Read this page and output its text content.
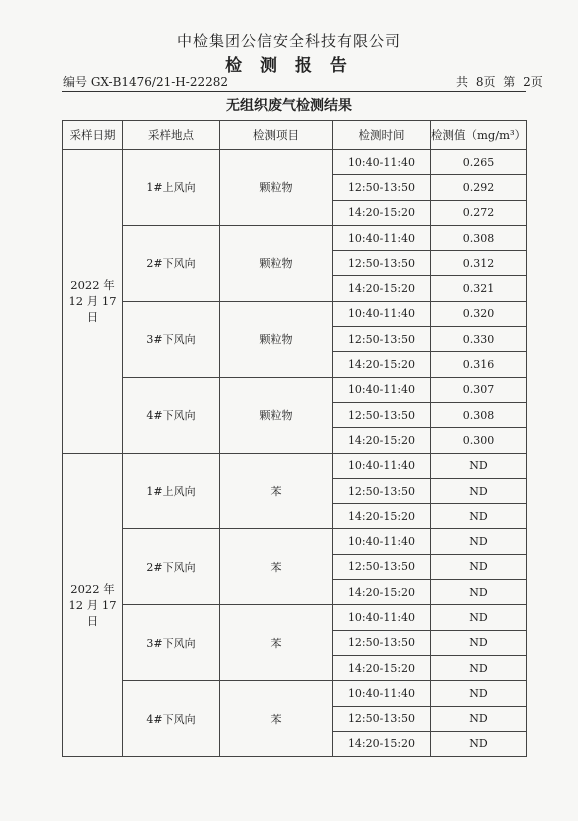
中检集团公信安全科技有限公司
检 测 报 告
编号 GX-B1476/21-H-22282	共 8页 第 2页
无组织废气检测结果
采样日期	采样地点	检测项目	检测时间	检测值（mg/m³）
2022 年 12 月 17 日	1#上风向	颗粒物	10:40-11:40	0.265
			12:50-13:50	0.292
			14:20-15:20	0.272
	2#下风向	颗粒物	10:40-11:40	0.308
			12:50-13:50	0.312
			14:20-15:20	0.321
	3#下风向	颗粒物	10:40-11:40	0.320
			12:50-13:50	0.330
			14:20-15:20	0.316
	4#下风向	颗粒物	10:40-11:40	0.307
			12:50-13:50	0.308
			14:20-15:20	0.300
2022 年 12 月 17 日	1#上风向	苯	10:40-11:40	ND
			12:50-13:50	ND
			14:20-15:20	ND
	2#下风向	苯	10:40-11:40	ND
			12:50-13:50	ND
			14:20-15:20	ND
	3#下风向	苯	10:40-11:40	ND
			12:50-13:50	ND
			14:20-15:20	ND
	4#下风向	苯	10:40-11:40	ND
			12:50-13:50	ND
			14:20-15:20	ND
